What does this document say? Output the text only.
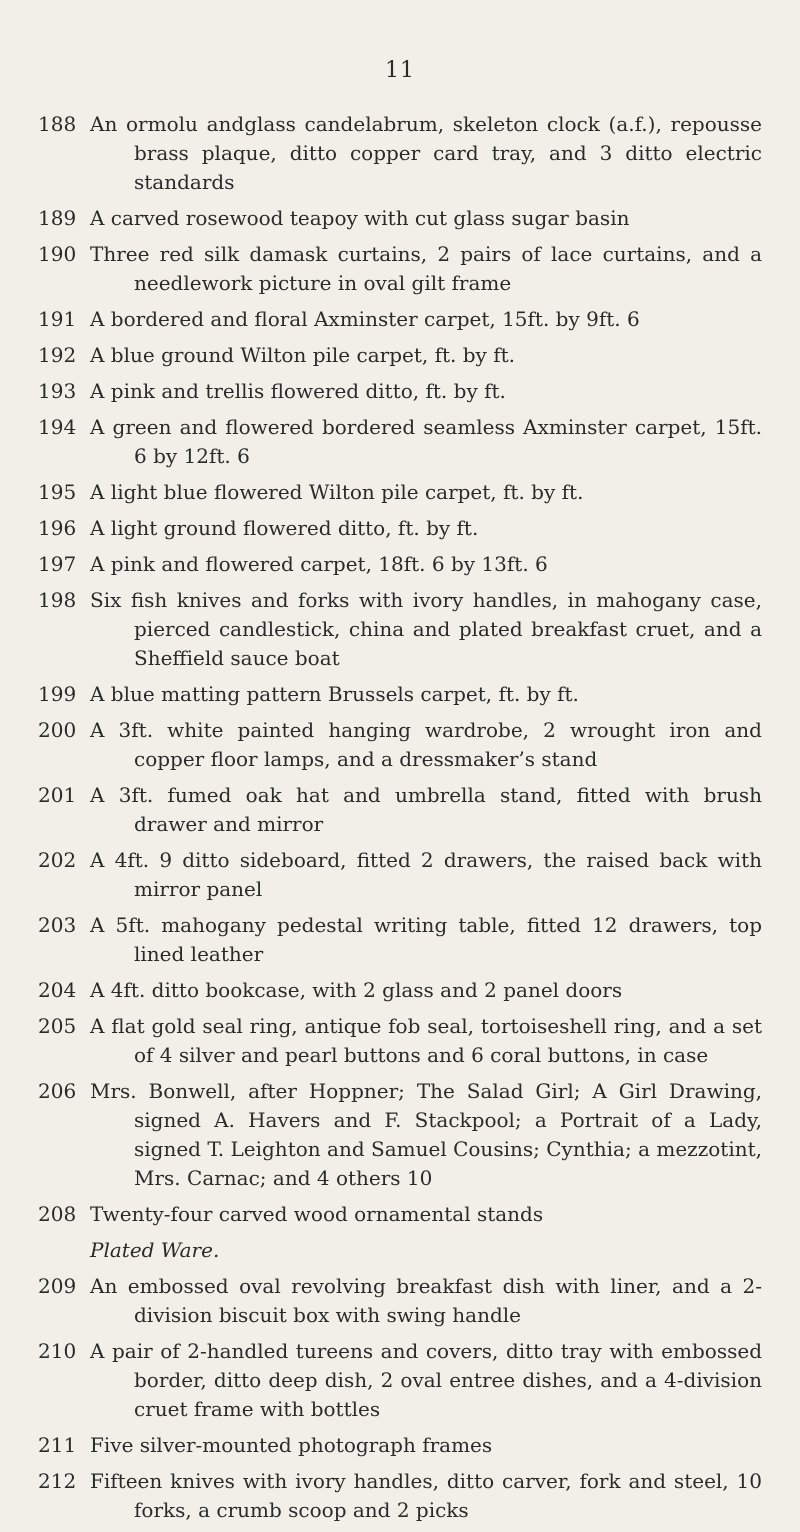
11
188 An ormolu andglass candelabrum, skeleton clock (a.f.), repousse brass plaque, ditto copper card tray, and 3 ditto electric standards
189 A carved rosewood teapoy with cut glass sugar basin
190 Three red silk damask curtains, 2 pairs of lace curtains, and a needlework picture in oval gilt frame
191 A bordered and floral Axminster carpet, 15ft. by 9ft. 6
192 A blue ground Wilton pile carpet, ft. by ft.
193 A pink and trellis flowered ditto, ft. by ft.
194 A green and flowered bordered seamless Axminster carpet, 15ft. 6 by 12ft. 6
195 A light blue flowered Wilton pile carpet, ft. by ft.
196 A light ground flowered ditto, ft. by ft.
197 A pink and flowered carpet, 18ft. 6 by 13ft. 6
198 Six fish knives and forks with ivory handles, in mahogany case, pierced candlestick, china and plated breakfast cruet, and a Sheffield sauce boat
199 A blue matting pattern Brussels carpet, ft. by ft.
200 A 3ft. white painted hanging wardrobe, 2 wrought iron and copper floor lamps, and a dressmaker’s stand
201 A 3ft. fumed oak hat and umbrella stand, fitted with brush drawer and mirror
202 A 4ft. 9 ditto sideboard, fitted 2 drawers, the raised back with mirror panel
203 A 5ft. mahogany pedestal writing table, fitted 12 drawers, top lined leather
204 A 4ft. ditto bookcase, with 2 glass and 2 panel doors
205 A flat gold seal ring, antique fob seal, tortoiseshell ring, and a set of 4 silver and pearl buttons and 6 coral buttons, in case
206 Mrs. Bonwell, after Hoppner; The Salad Girl; A Girl Drawing, signed A. Havers and F. Stackpool; a Portrait of a Lady, signed T. Leighton and Samuel Cousins; Cynthia; a mezzotint, Mrs. Carnac; and 4 others 10
208 Twenty-four carved wood ornamental stands
Plated Ware.
209 An embossed oval revolving breakfast dish with liner, and a 2-division biscuit box with swing handle
210 A pair of 2-handled tureens and covers, ditto tray with embossed border, ditto deep dish, 2 oval entree dishes, and a 4-division cruet frame with bottles
211 Five silver-mounted photograph frames
212 Fifteen knives with ivory handles, ditto carver, fork and steel, 10 forks, a crumb scoop and 2 picks
